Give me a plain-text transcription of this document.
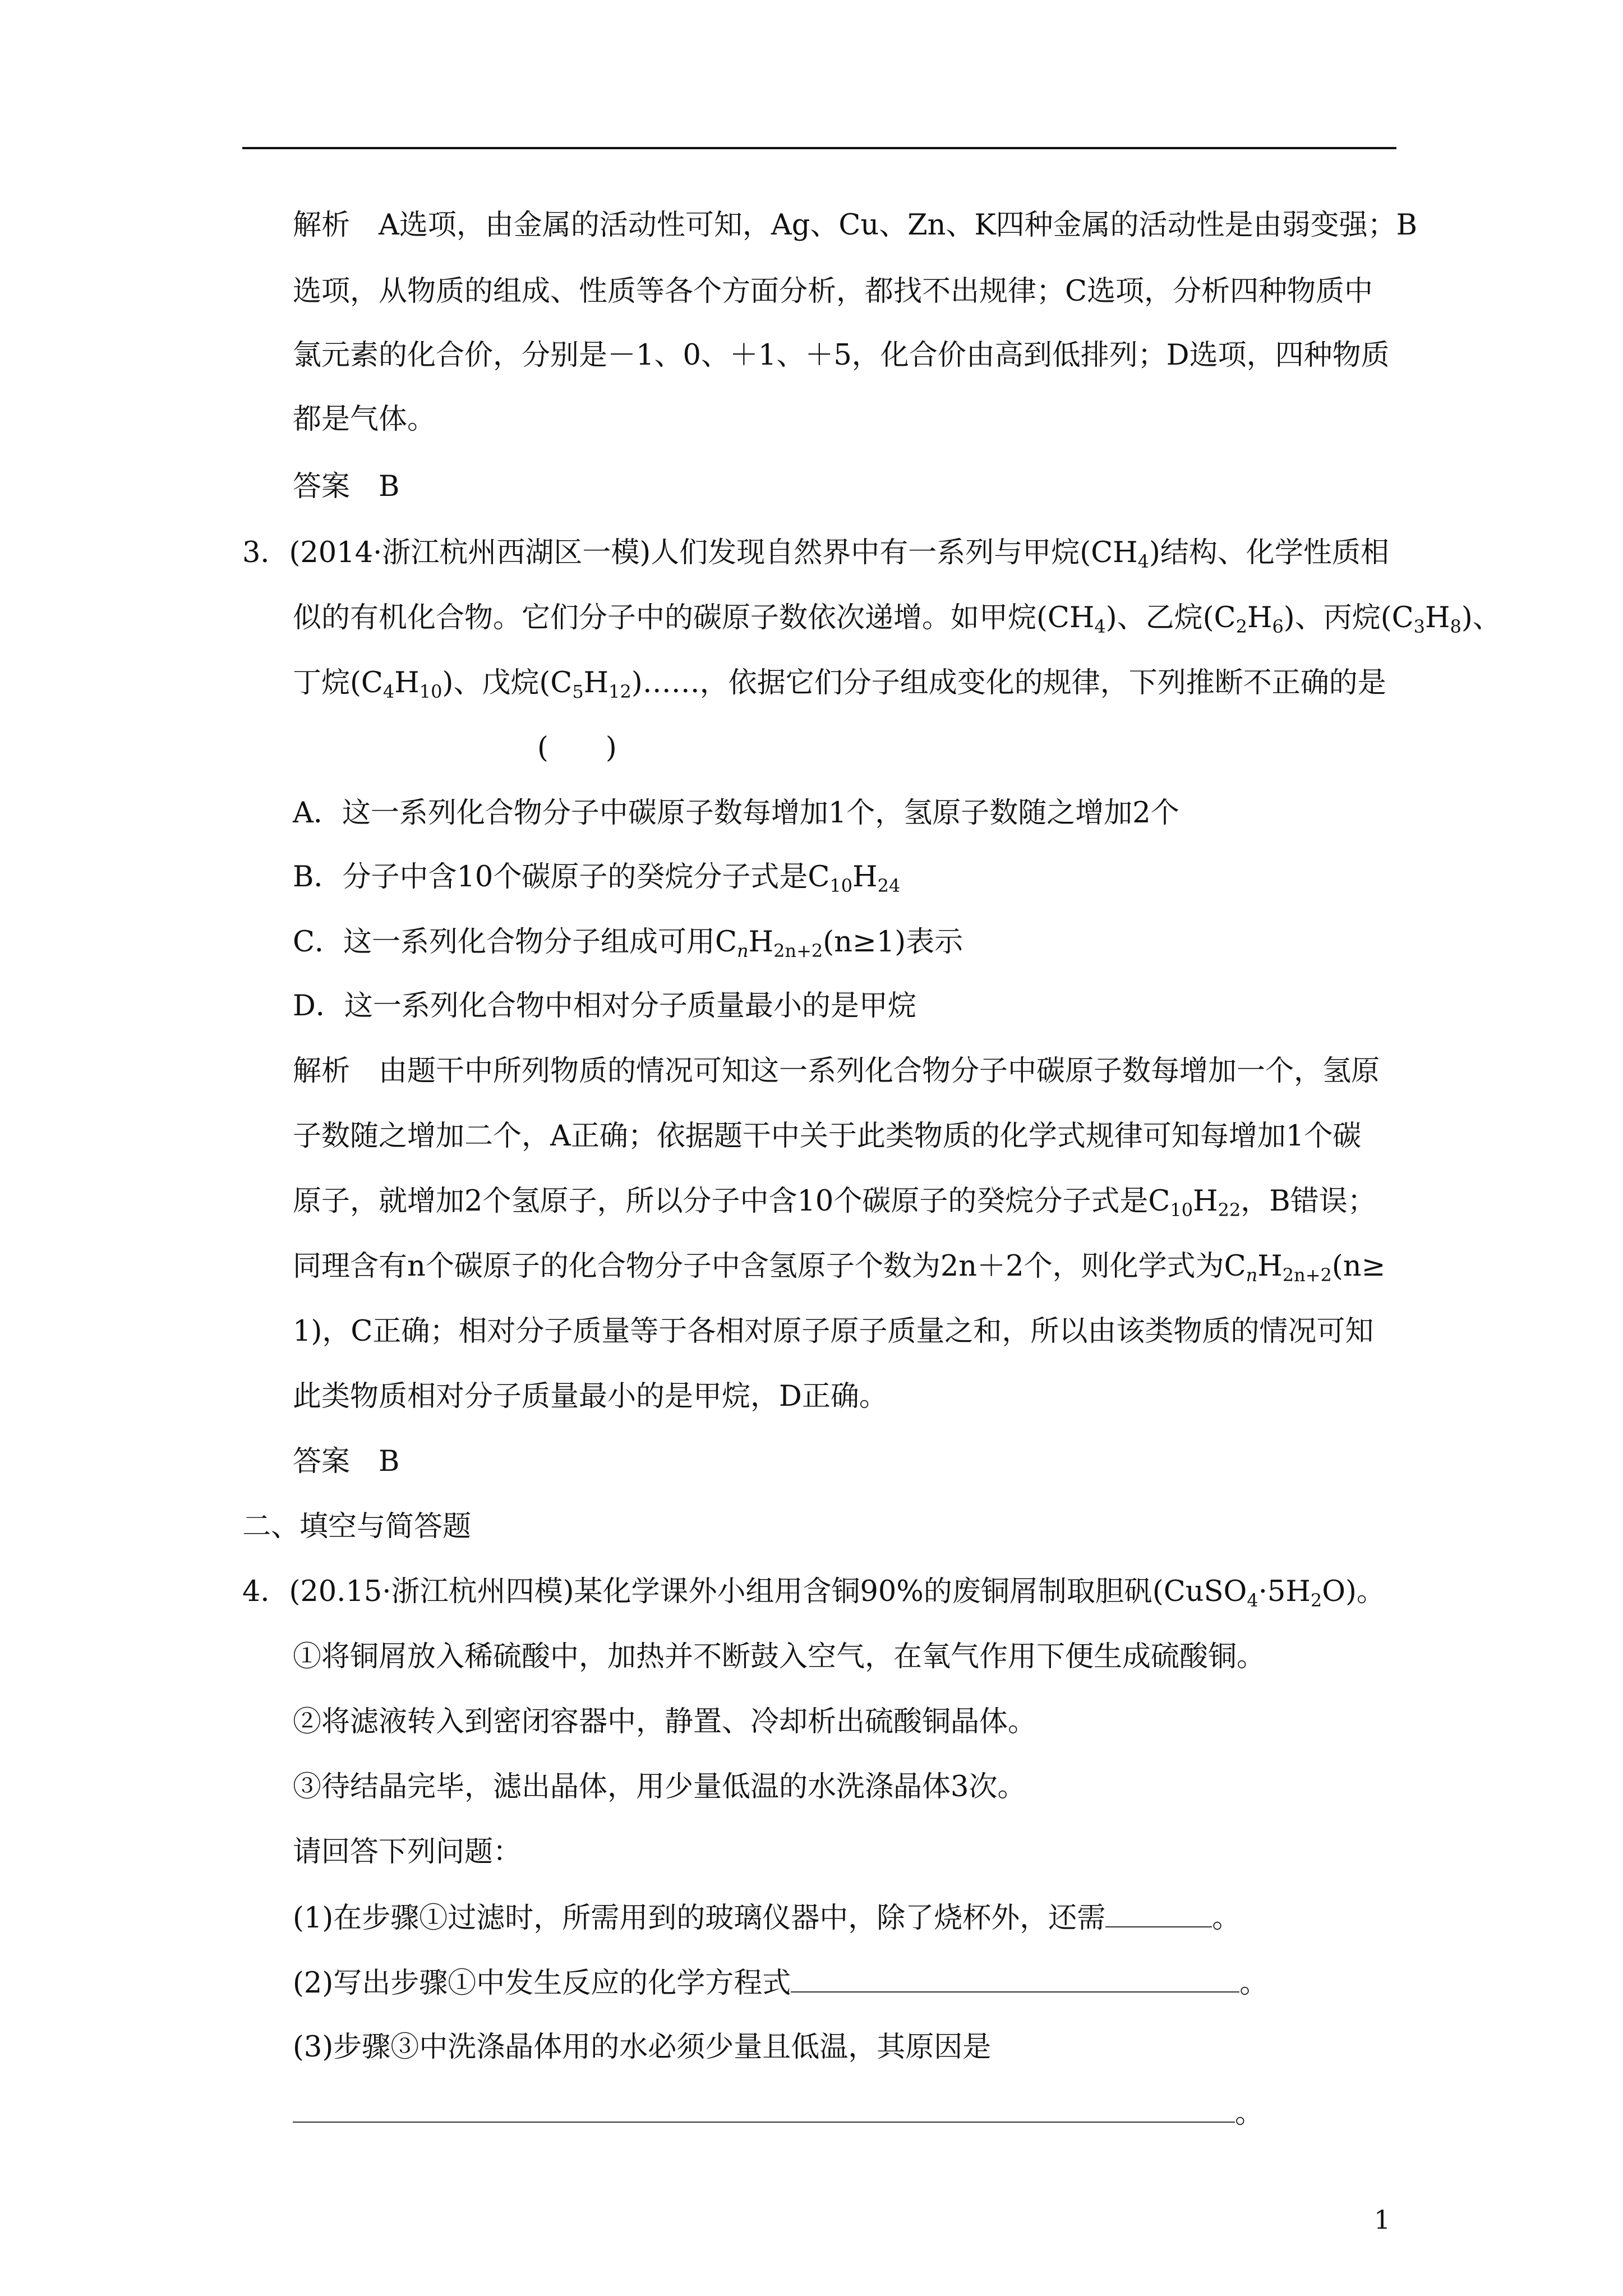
解析　 A选项，由金属的活动性可知，Ag、Cu、Zn、K四种金属的活动性是由弱变强；B
选项，从物质的组成、性质等各个方面分析，都找不出规律；C选项，分析四种物质中
氯元素的化合价，分别是－1、0、＋1、＋5，化合价由高到低排列；D选项，四种物质
都是气体。
答案　 B
3．(2014·浙江杭州西湖区一模)人们发现自然界中有一系列与甲烷$(CH_4)$结构、化学性质相
似的有机化合物。它们分子中的碳原子数依次递增。如甲烷$(CH_4)$、乙烷$(C_2H_6)$、丙烷$(C_3H_8)$、
丁烷$(C_4H_{10})$、戊烷$(C_5H_{12})\dots\dots$，依据它们分子组成变化的规律，下列推断不正确的是
(　　)
A．这一系列化合物分子中碳原子数每增加1个，氢原子数随之增加2个
B．分子中含10个碳原子的癸烷分子式是$C_{10}H_{24}$
C．这一系列化合物分子组成可用$C_nH_{2n+2}(n\ge 1)$表示
D．这一系列化合物中相对分子质量最小的是甲烷
解析　 由题干中所列物质的情况可知这一系列化合物分子中碳原子数每增加一个，氢原
子数随之增加二个，A正确；依据题干中关于此类物质的化学式规律可知每增加1个碳
原子，就增加2个氢原子，所以分子中含10个碳原子的癸烷分子式是$C_{10}H_{22}$，B错误；
同理含有n个碳原子的化合物分子中含氢原子个数为2n＋2个，则化学式为$C_nH_{2n+2}(n\ge$
1)，C正确；相对分子质量等于各相对原子原子质量之和，所以由该类物质的情况可知
此类物质相对分子质量最小的是甲烷，D正确。
答案　 B
二、填空与简答题
4．(20.15·浙江杭州四模)某化学课外小组用含铜90%的废铜屑制取胆矾$(CuSO_4\cdot 5H_2O)$。
①将铜屑放入稀硫酸中，加热并不断鼓入空气，在氧气作用下便生成硫酸铜。
②将滤液转入到密闭容器中，静置、冷却析出硫酸铜晶体。
③待结晶完毕，滤出晶体，用少量低温的水洗涤晶体3次。
请回答下列问题：
(1)在步骤①过滤时，所需用到的玻璃仪器中，除了烧杯外，还需	。
(2)写出步骤①中发生反应的化学方程式	。
(3)步骤③中洗涤晶体用的水必须少量且低温，其原因是
。
1
